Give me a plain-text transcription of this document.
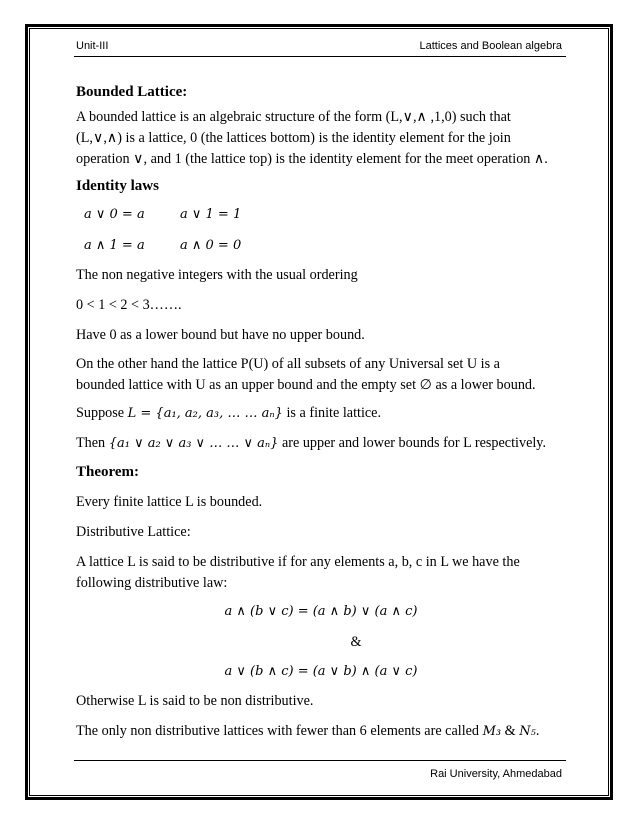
Unit-III	Lattices and Boolean algebra
Bounded Lattice:
A bounded lattice is an algebraic structure of the form (L,∨,∧ ,1,0) such that
(L,∨,∧) is a lattice, 0 (the lattices bottom) is the identity element for the join
operation ∨, and 1 (the lattice top) is the identity element for the meet operation ∧.
Identity laws
a ∨ 0 = a	a ∨ 1 = 1
a ∧ 1 = a	a ∧ 0 = 0
The non negative integers with the usual ordering
0 < 1 < 2 < 3…….
Have 0 as a lower bound but have no upper bound.
On the other hand the lattice P(U) of all subsets of any Universal set U is a
bounded lattice with U as an upper bound and the empty set ∅ as a lower bound.
Suppose L = {a₁, a₂, a₃, … … aₙ} is a finite lattice.
Then {a₁ ∨ a₂ ∨ a₃ ∨ … … ∨ aₙ} are upper and lower bounds for L respectively.
Theorem:
Every finite lattice L is bounded.
Distributive Lattice:
A lattice L is said to be distributive if for any elements a, b, c in L we have the
following distributive law:
a ∧ (b ∨ c) = (a ∧ b) ∨ (a ∧ c)
&
a ∨ (b ∧ c) = (a ∨ b) ∧ (a ∨ c)
Otherwise L is said to be non distributive.
The only non distributive lattices with fewer than 6 elements are called M₃ & N₅.
Rai University, Ahmedabad
